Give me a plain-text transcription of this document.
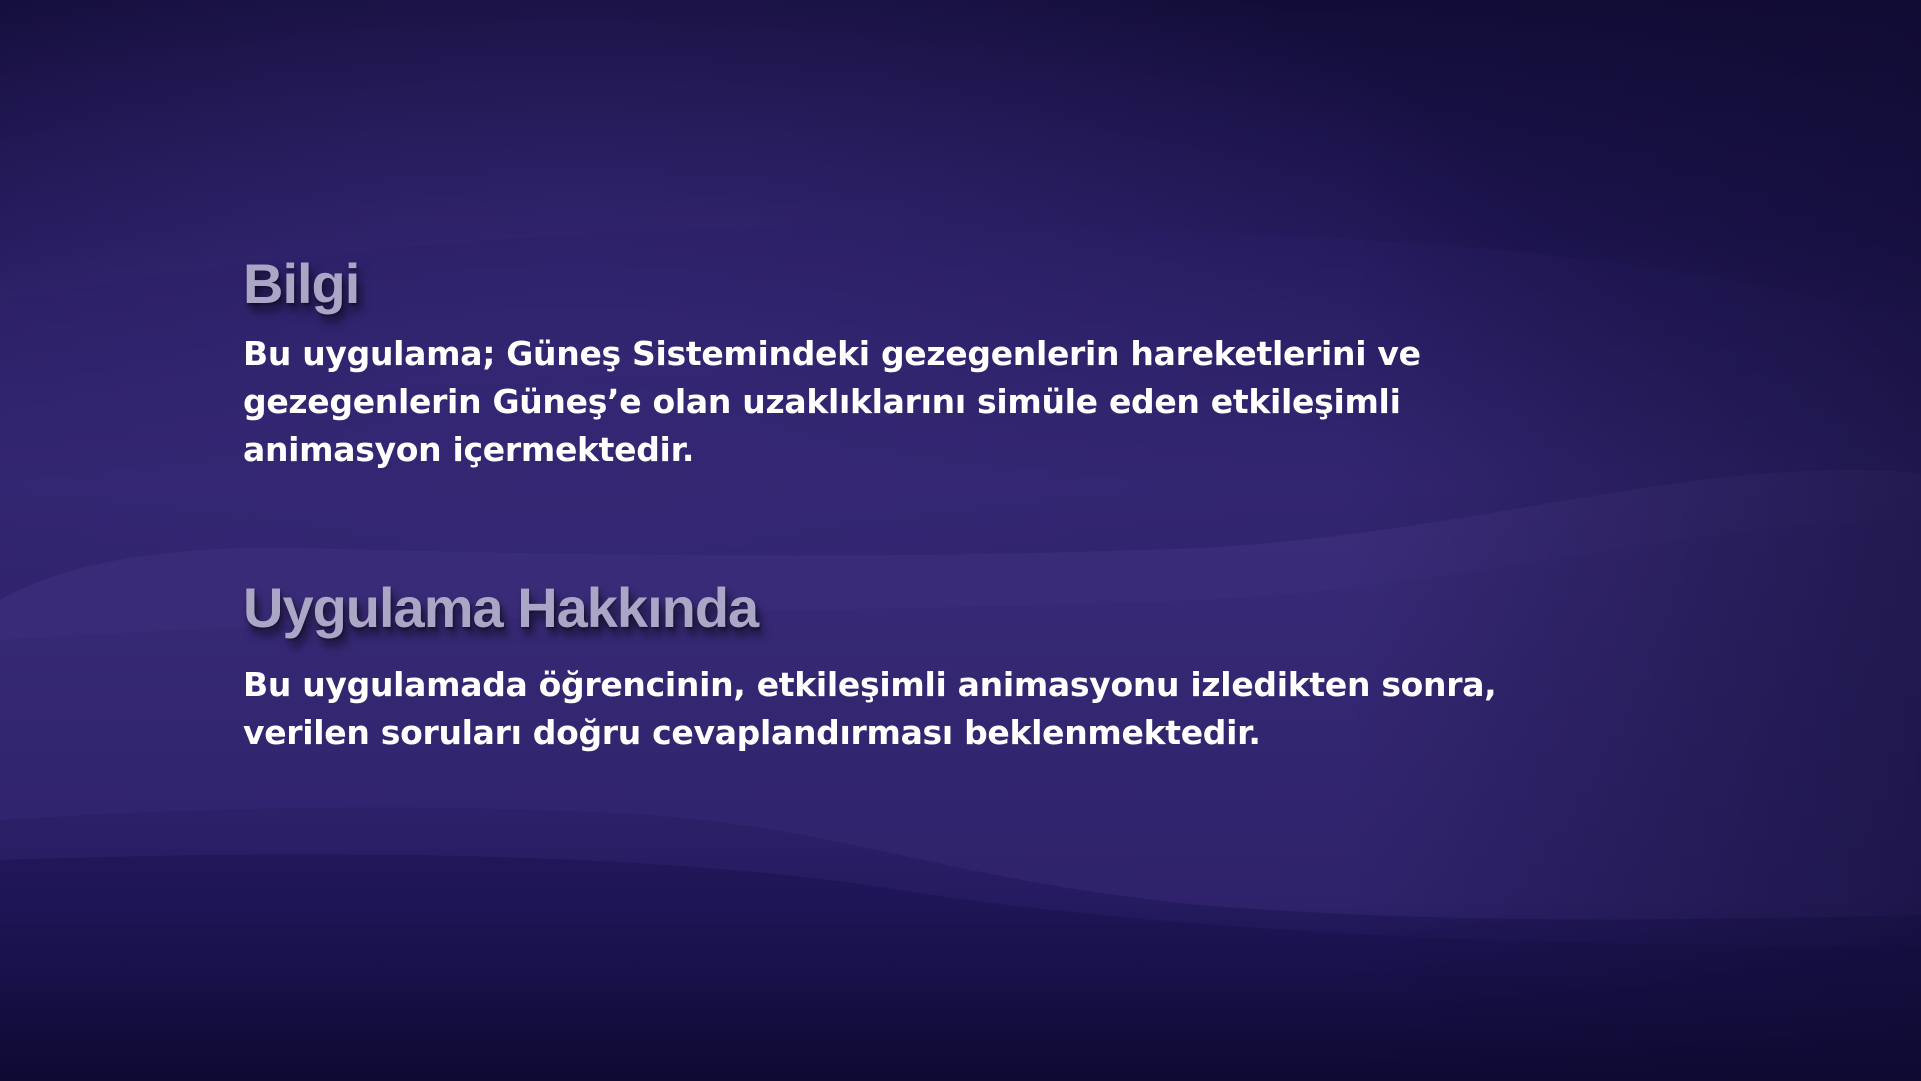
Bilgi

Bu uygulama; Güneş Sistemindeki gezegenlerin hareketlerini ve
gezegenlerin Güneş’e olan uzaklıklarını simüle eden etkileşimli
animasyon içermektedir.

Uygulama Hakkında

Bu uygulamada öğrencinin, etkileşimli animasyonu izledikten sonra,
verilen soruları doğru cevaplandırması beklenmektedir.
